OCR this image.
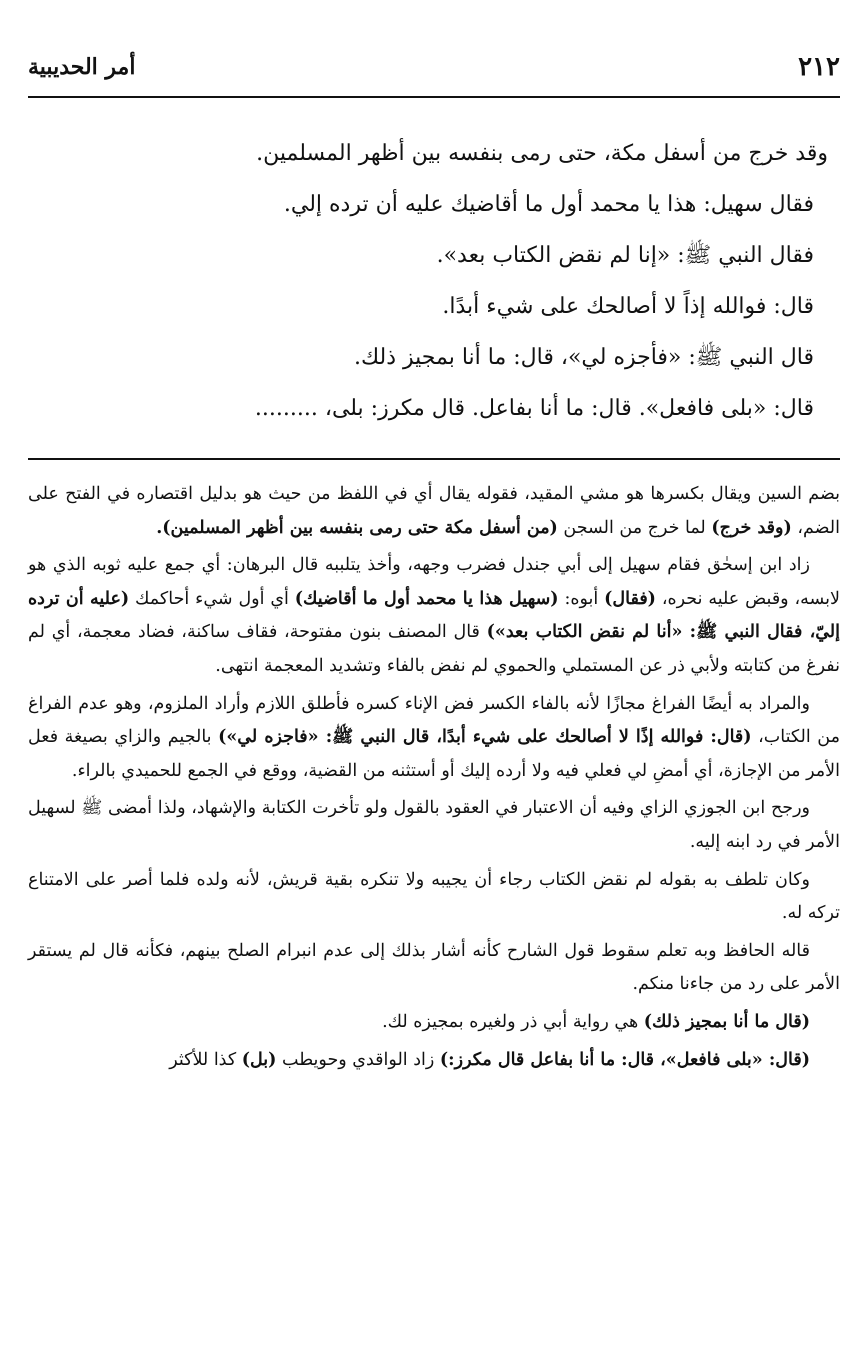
٢١٢
أمر الحديبية
وقد خرج من أسفل مكة، حتى رمى بنفسه بين أظهر المسلمين.
فقال سهيل: هذا يا محمد أول ما أقاضيك عليه أن ترده إلي.
فقال النبي ﷺ: «إنا لم نقض الكتاب بعد».
قال: فوالله إذاً لا أصالحك على شيء أبدًا.
قال النبي ﷺ: «فأجزه لي»، قال: ما أنا بمجيز ذلك.
قال: «بلى فافعل». قال: ما أنا بفاعل. قال مكرز: بلى، .........

بضم السين ويقال بكسرها هو مشي المقيد، فقوله يقال أي في اللفظ من حيث هو بدليل اقتصاره في الفتح على الضم، (وقد خرج) لما خرج من السجن (من أسفل مكة حتى رمى بنفسه بين أظهر المسلمين).

زاد ابن إسحٰق فقام سهيل إلى أبي جندل فضرب وجهه، وأخذ يتلببه قال البرهان: أي جمع عليه ثوبه الذي هو لابسه، وقبض عليه نحره، (فقال) أبوه: (سهيل هذا يا محمد أول ما أقاضيك) أي أول شيء أحاكمك (عليه أن ترده إليّ، فقال النبي ﷺ: «أنا لم نقض الكتاب بعد») قال المصنف بنون مفتوحة، فقاف ساكنة، فضاد معجمة، أي لم نفرغ من كتابته ولأبي ذر عن المستملي والحموي لم نفض بالفاء وتشديد المعجمة انتهى.

والمراد به أيضًا الفراغ مجازًا لأنه بالفاء الكسر فض الإناء كسره فأطلق اللازم وأراد الملزوم، وهو عدم الفراغ من الكتاب، (قال: فوالله إذًا لا أصالحك على شيء أبدًا، قال النبي ﷺ: «فاجزه لي») بالجيم والزاي بصيغة فعل الأمر من الإجازة، أي أمضِ لي فعلي فيه ولا أرده إليك أو أستثنه من القضية، ووقع في الجمع للحميدي بالراء.

ورجح ابن الجوزي الزاي وفيه أن الاعتبار في العقود بالقول ولو تأخرت الكتابة والإشهاد، ولذا أمضى ﷺ لسهيل الأمر في رد ابنه إليه.

وكان تلطف به بقوله لم نقض الكتاب رجاء أن يجيبه ولا تنكره بقية قريش، لأنه ولده فلما أصر على الامتناع تركه له.

قاله الحافظ وبه تعلم سقوط قول الشارح كأنه أشار بذلك إلى عدم انبرام الصلح بينهم، فكأنه قال لم يستقر الأمر على رد من جاءنا منكم.

(قال ما أنا بمجيز ذلك) هي رواية أبي ذر ولغيره بمجيزه لك.

(قال: «بلى فافعل»، قال: ما أنا بفاعل قال مكرز:) زاد الواقدي وحويطب (بل) كذا للأكثر
